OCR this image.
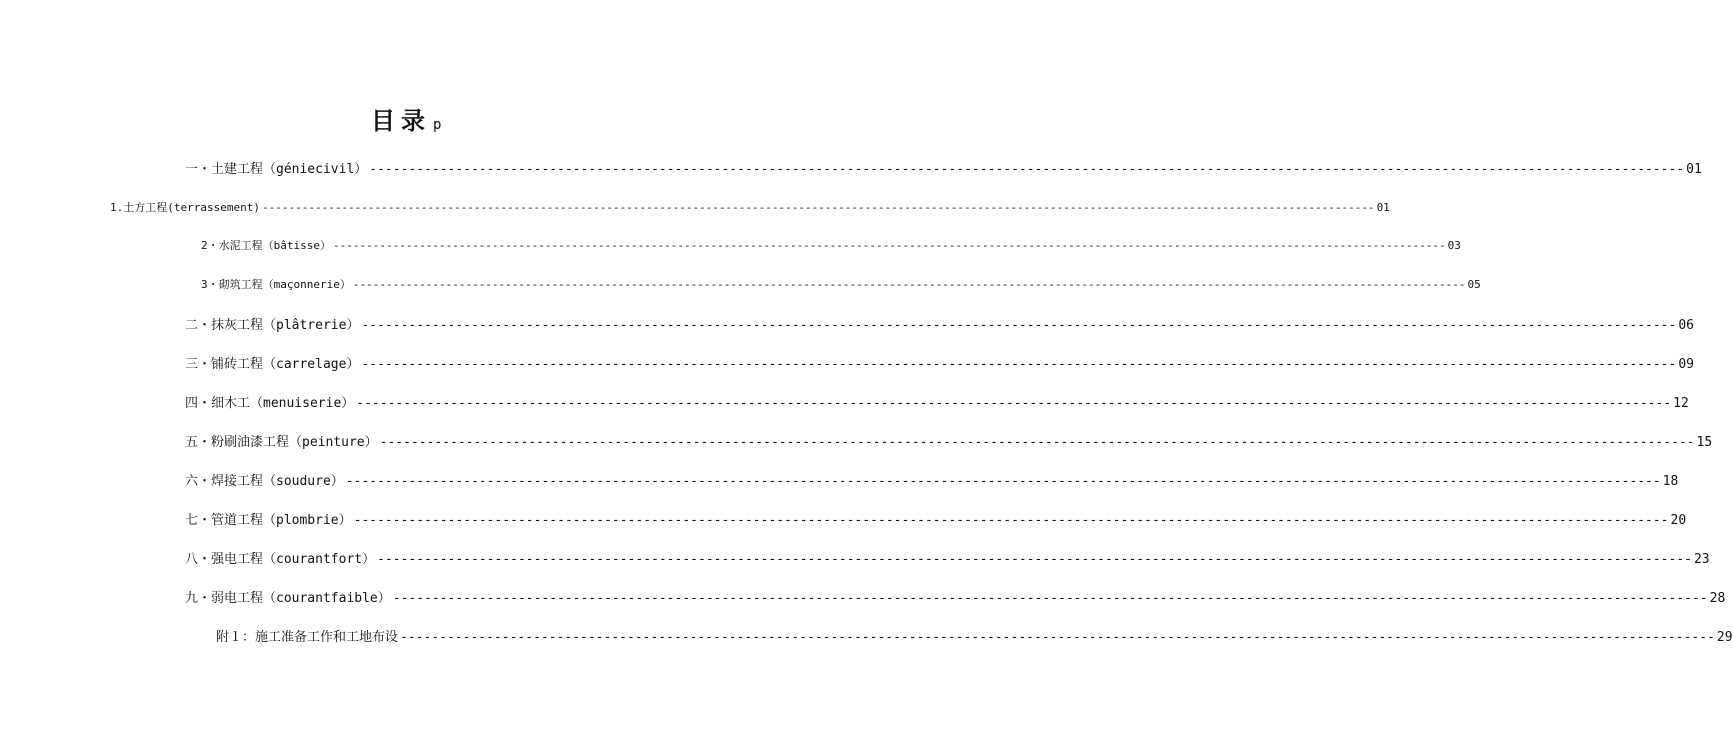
目录 p
一・土建工程（géniecivil） ------------------------------------------------------------------------------------------------------------------------------------------------------------------------ 01
1.土方工程(terrassement) ------------------------------------------------------------------------------------------------------------------------------------------------------------------------ 01
2・水泥工程（bâtisse） ------------------------------------------------------------------------------------------------------------------------------------------------------------------------ 03
3・砌筑工程（maçonnerie） ------------------------------------------------------------------------------------------------------------------------------------------------------------------------ 05
二・抹灰工程（plâtrerie） ------------------------------------------------------------------------------------------------------------------------------------------------------------------------ 06
三・铺砖工程（carrelage） ------------------------------------------------------------------------------------------------------------------------------------------------------------------------ 09
四・细木工（menuiserie） ------------------------------------------------------------------------------------------------------------------------------------------------------------------------ 12
五・粉刷油漆工程（peinture） ------------------------------------------------------------------------------------------------------------------------------------------------------------------------ 15
六・焊接工程（soudure） ------------------------------------------------------------------------------------------------------------------------------------------------------------------------ 18
七・管道工程（plombrie） ------------------------------------------------------------------------------------------------------------------------------------------------------------------------ 20
八・强电工程（courantfort） ------------------------------------------------------------------------------------------------------------------------------------------------------------------------ 23
九・弱电工程（courantfaible） ------------------------------------------------------------------------------------------------------------------------------------------------------------------------ 28
附１：施工准备工作和工地布设 ------------------------------------------------------------------------------------------------------------------------------------------------------------------------ 29
